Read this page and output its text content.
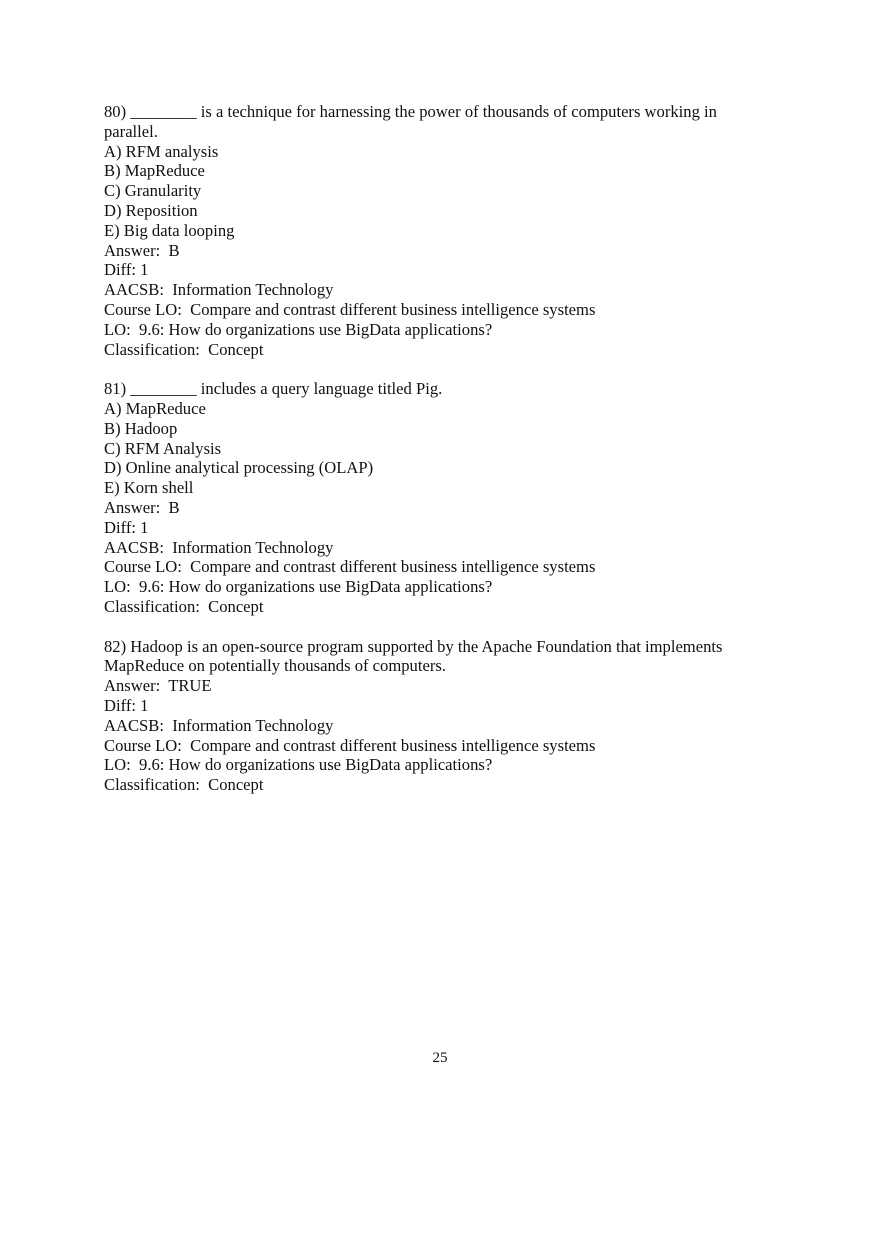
80) ________ is a technique for harnessing the power of thousands of computers working in parallel.
A) RFM analysis
B) MapReduce
C) Granularity
D) Reposition
E) Big data looping
Answer:  B
Diff: 1
AACSB:  Information Technology
Course LO:  Compare and contrast different business intelligence systems
LO:  9.6: How do organizations use BigData applications?
Classification:  Concept
81) ________ includes a query language titled Pig.
A) MapReduce
B) Hadoop
C) RFM Analysis
D) Online analytical processing (OLAP)
E) Korn shell
Answer:  B
Diff: 1
AACSB:  Information Technology
Course LO:  Compare and contrast different business intelligence systems
LO:  9.6: How do organizations use BigData applications?
Classification:  Concept
82) Hadoop is an open-source program supported by the Apache Foundation that implements MapReduce on potentially thousands of computers.
Answer:  TRUE
Diff: 1
AACSB:  Information Technology
Course LO:  Compare and contrast different business intelligence systems
LO:  9.6: How do organizations use BigData applications?
Classification:  Concept
25
